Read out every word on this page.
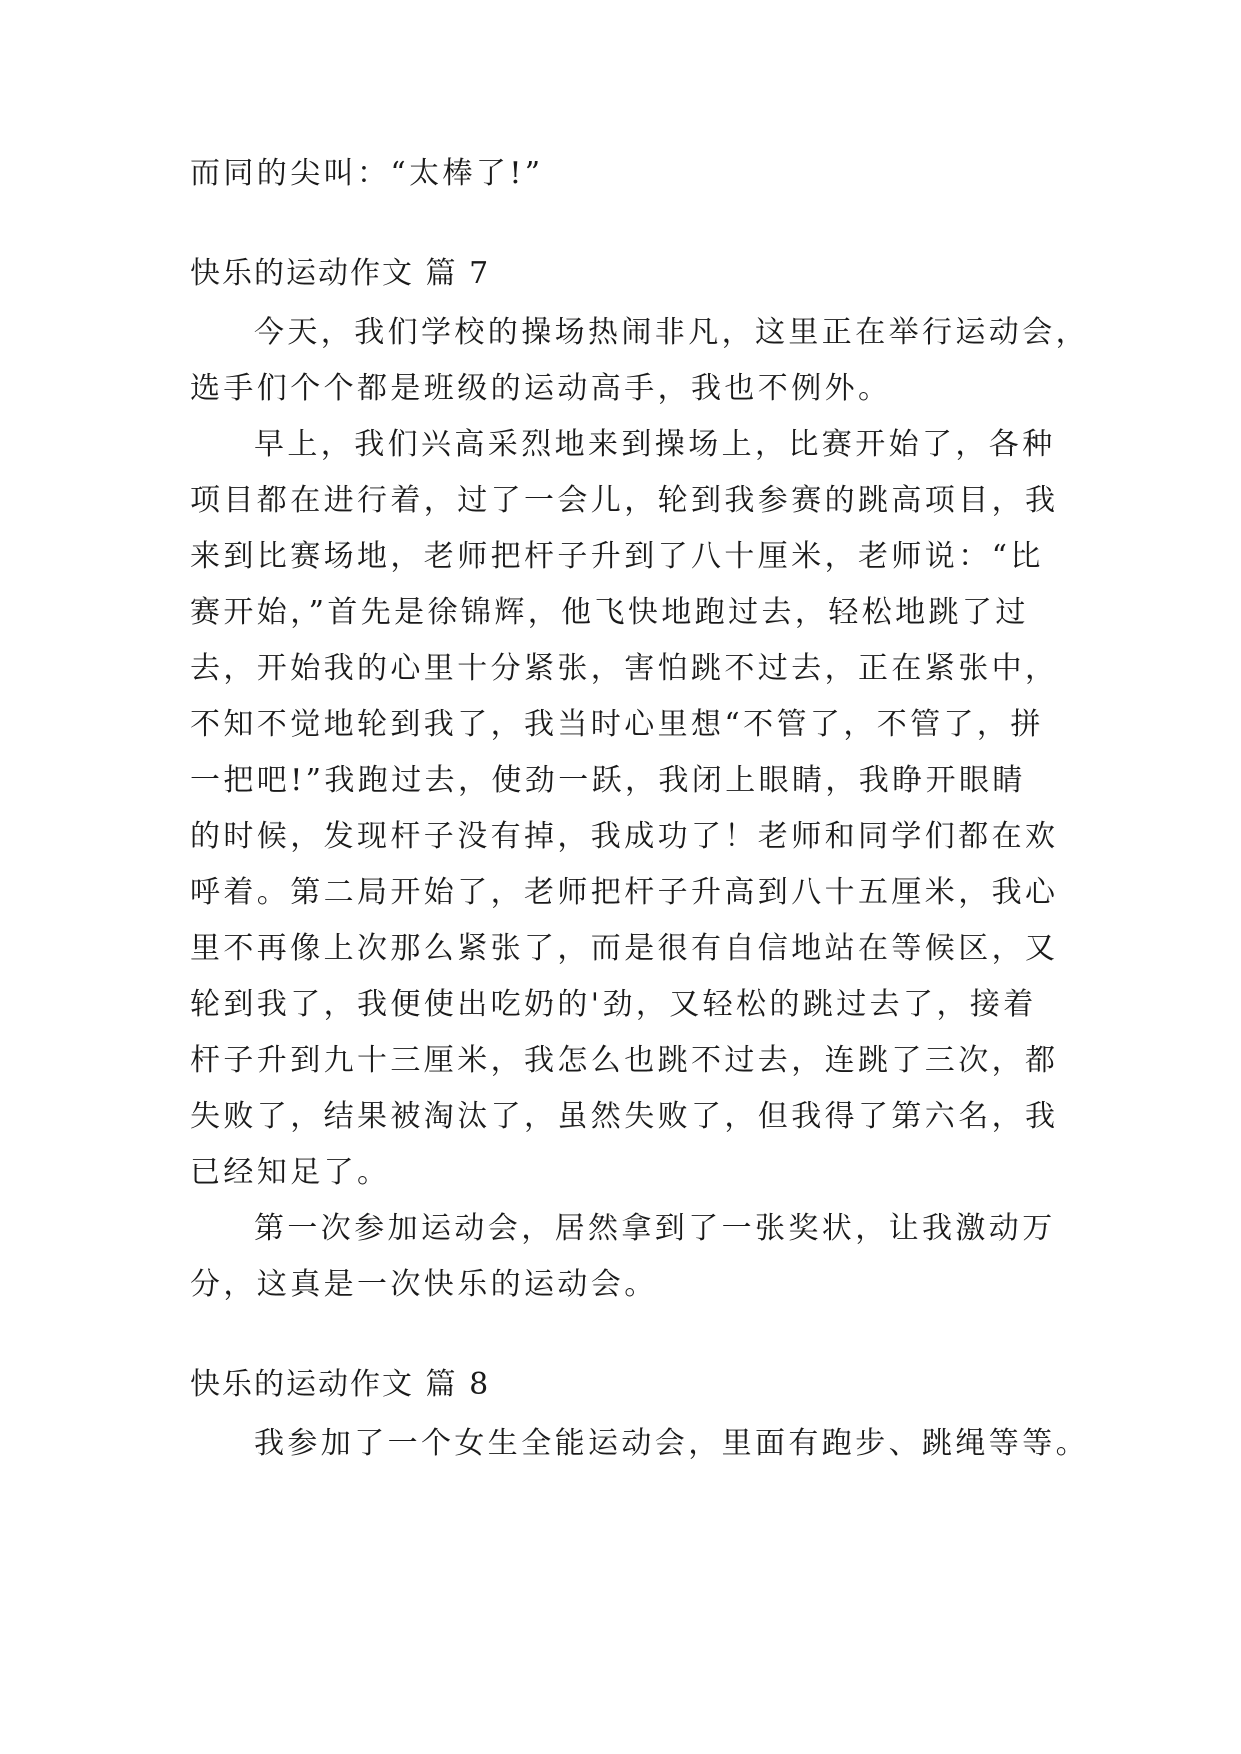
而同的尖叫：“太棒了!”
快乐的运动作文 篇 7
今天，我们学校的操场热闹非凡，这里正在举行运动会，
选手们个个都是班级的运动高手，我也不例外。
早上，我们兴高采烈地来到操场上，比赛开始了，各种
项目都在进行着，过了一会儿，轮到我参赛的跳高项目，我
来到比赛场地，老师把杆子升到了八十厘米，老师说：“比
赛开始，”首先是徐锦辉，他飞快地跑过去，轻松地跳了过
去，开始我的心里十分紧张，害怕跳不过去，正在紧张中，
不知不觉地轮到我了，我当时心里想“不管了，不管了，拼
一把吧!”我跑过去，使劲一跃，我闭上眼睛，我睁开眼睛
的时候，发现杆子没有掉，我成功了！老师和同学们都在欢
呼着。第二局开始了，老师把杆子升高到八十五厘米，我心
里不再像上次那么紧张了，而是很有自信地站在等候区，又
轮到我了，我便使出吃奶的'劲，又轻松的跳过去了，接着
杆子升到九十三厘米，我怎么也跳不过去，连跳了三次，都
失败了，结果被淘汰了，虽然失败了，但我得了第六名，我
已经知足了。
第一次参加运动会，居然拿到了一张奖状，让我激动万
分，这真是一次快乐的运动会。
快乐的运动作文 篇 8
我参加了一个女生全能运动会，里面有跑步、跳绳等等。
